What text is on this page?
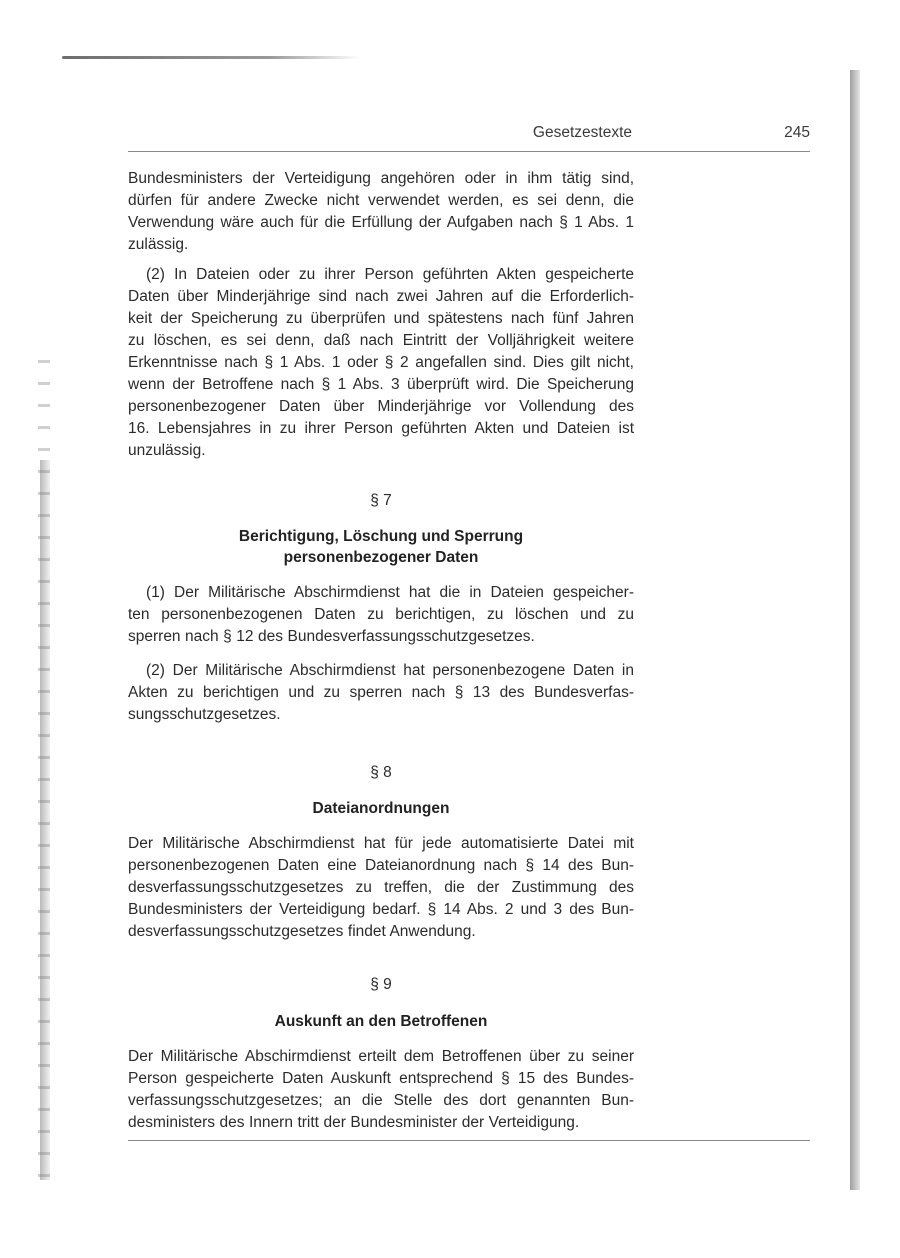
Gesetzestexte	245

Bundesministers der Verteidigung angehören oder in ihm tätig sind,

dürfen für andere Zwecke nicht verwendet werden, es sei denn, die

Verwendung wäre auch für die Erfüllung der Aufgaben nach § 1 Abs. 1

zulässig.

(2) In Dateien oder zu ihrer Person geführten Akten gespeicherte

Daten über Minderjährige sind nach zwei Jahren auf die Erforderlich-

keit der Speicherung zu überprüfen und spätestens nach fünf Jahren

zu löschen, es sei denn, daß nach Eintritt der Volljährigkeit weitere

Erkenntnisse nach § 1 Abs. 1 oder § 2 angefallen sind. Dies gilt nicht,

wenn der Betroffene nach § 1 Abs. 3 überprüft wird. Die Speicherung

personenbezogener Daten über Minderjährige vor Vollendung des

16. Lebensjahres in zu ihrer Person geführten Akten und Dateien ist

unzulässig.

§ 7
Berichtigung, Löschung und Sperrung
personenbezogener Daten

(1) Der Militärische Abschirmdienst hat die in Dateien gespeicher-

ten personenbezogenen Daten zu berichtigen, zu löschen und zu

sperren nach § 12 des Bundesverfassungsschutzgesetzes.

(2) Der Militärische Abschirmdienst hat personenbezogene Daten in

Akten zu berichtigen und zu sperren nach § 13 des Bundesverfas-

sungsschutzgesetzes.

§ 8
Dateianordnungen

Der Militärische Abschirmdienst hat für jede automatisierte Datei mit

personenbezogenen Daten eine Dateianordnung nach § 14 des Bun-

desverfassungsschutzgesetzes zu treffen, die der Zustimmung des

Bundesministers der Verteidigung bedarf. § 14 Abs. 2 und 3 des Bun-

desverfassungsschutzgesetzes findet Anwendung.

§ 9
Auskunft an den Betroffenen

Der Militärische Abschirmdienst erteilt dem Betroffenen über zu seiner

Person gespeicherte Daten Auskunft entsprechend § 15 des Bundes-

verfassungsschutzgesetzes; an die Stelle des dort genannten Bun-

desministers des Innern tritt der Bundesminister der Verteidigung.
